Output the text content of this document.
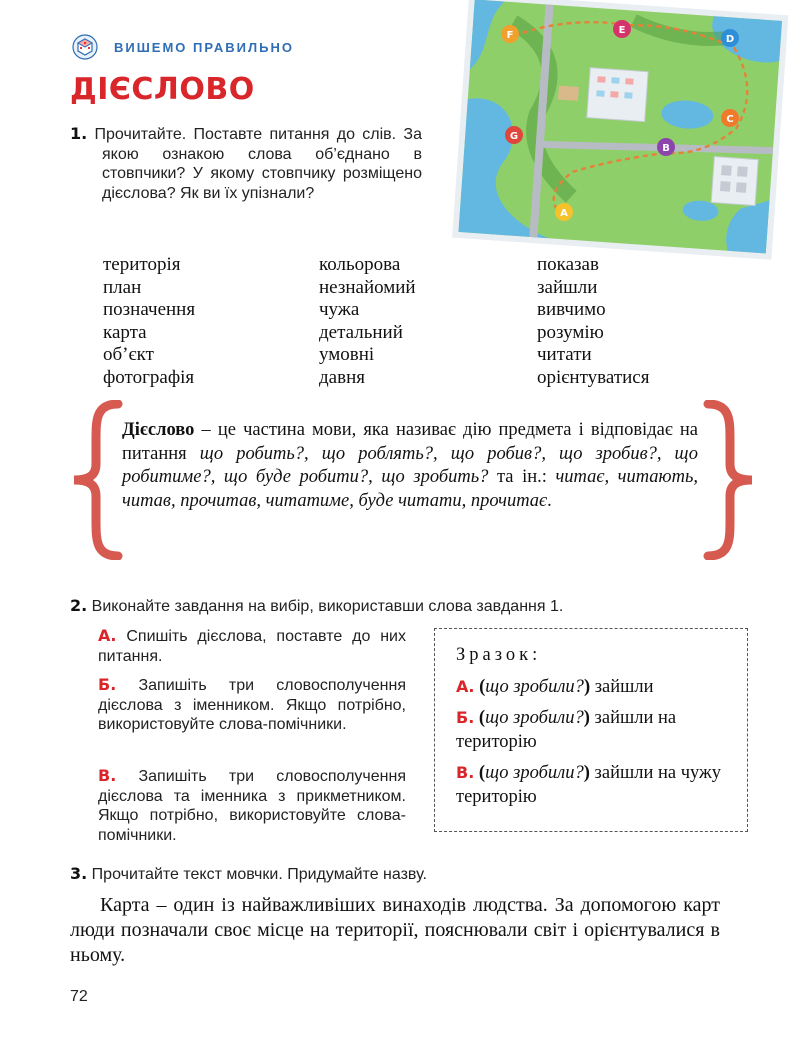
ВИШЕМО ПРАВИЛЬНО
ДІЄСЛОВО
F	E
D
C
B
G
A
1. Прочитайте. Поставте питання до слів. За якою ознакою слова об’єднано в стовпчики? У якому стовпчику розміщено дієслова? Як ви їх упізнали?
територія
план
позначення
карта
об’єкт
фотографія
кольорова
незнайомий
чужа
детальний
умовні
давня
показав
зайшли
вивчимо
розумію
читати
орієнтуватися
Дієслово – це частина мови, яка називає дію предмета і відповідає на питання що робить?, що роблять?, що робив?, що зробив?, що робитиме?, що буде робити?, що зробить? та ін.: читає, читають, читав, прочитав, читатиме, буде читати, прочитає.
2. Виконайте завдання на вибір, використавши слова завдання 1.
А. Спишіть дієслова, поставте до них питання.
Б. Запишіть три словосполучення дієслова з іменником. Якщо потрібно, використовуйте слова-помічники.
В. Запишіть три словосполучення дієслова та іменника з прикметником. Якщо потрібно, використовуйте слова-помічники.
Зразок:
А. (що зробили?) зайшли
Б. (що зробили?) зайшли на територію
В. (що зробили?) зайшли на чужу територію
3. Прочитайте текст мовчки. Придумайте назву.
Карта – один із найважливіших винаходів людства. За допомогою карт люди позначали своє місце на території, пояснювали світ і орієнтувалися в ньому.
72
